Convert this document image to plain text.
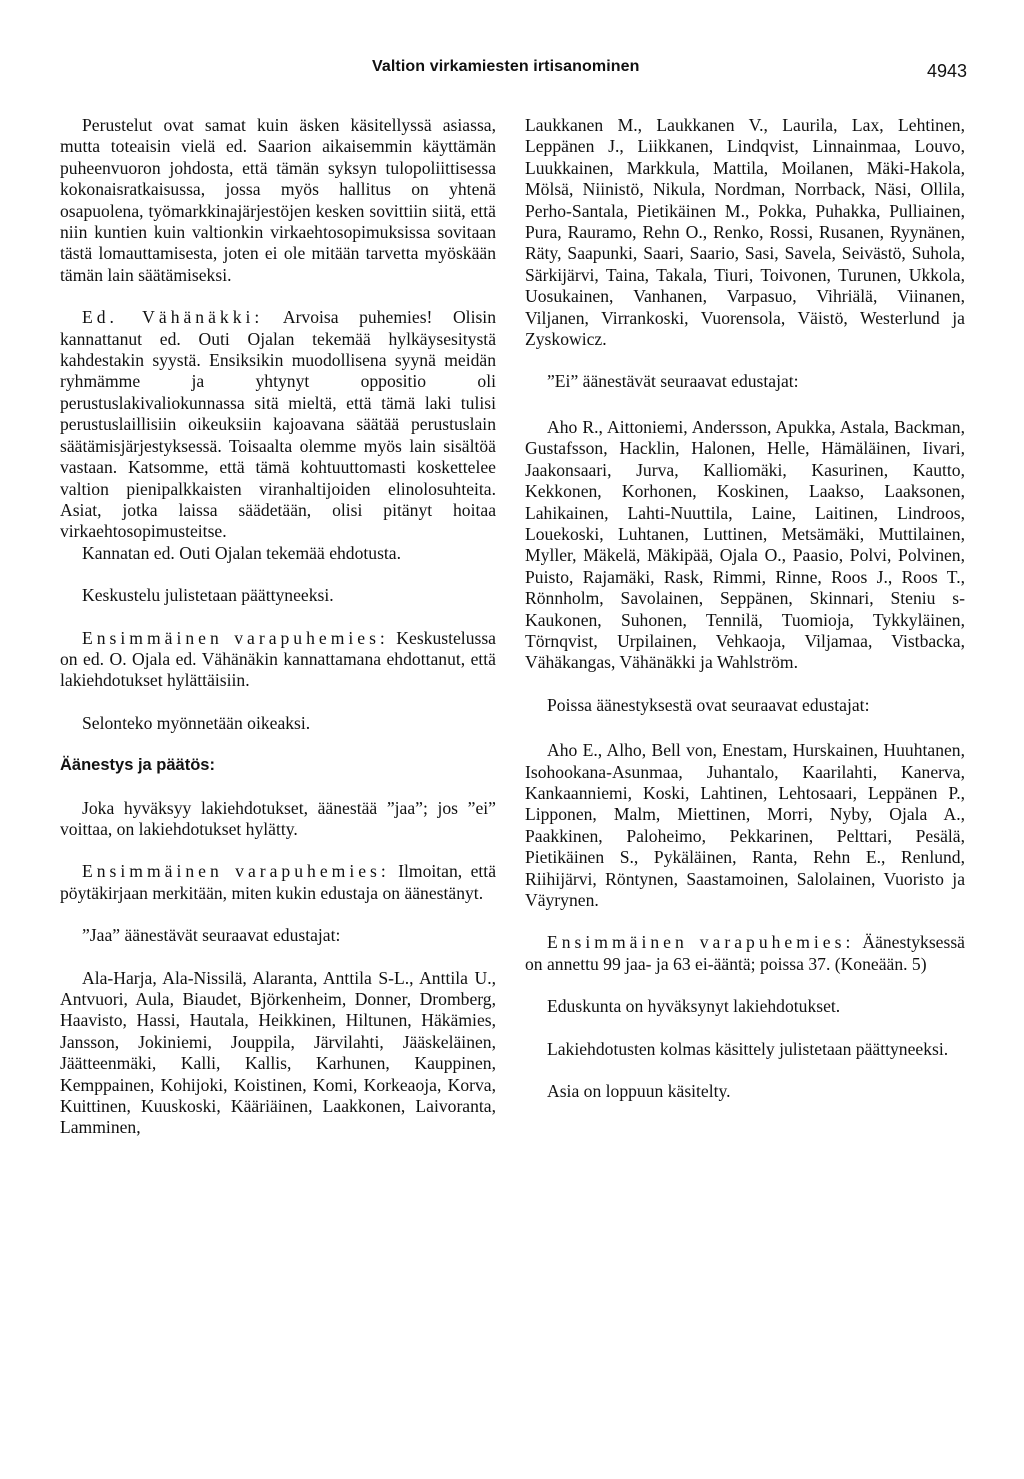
Valtion virkamiesten irtisanominen	4943

Perustelut ovat samat kuin äsken käsitellyssä asiassa, mutta toteaisin vielä ed. Saarion aikaisemmin käyttämän puheenvuoron johdosta, että tämän syksyn tulopoliittisessa kokonaisratkaisussa, jossa myös hallitus on yhtenä osapuolena, työmarkkinajärjestöjen kesken sovittiin siitä, että niin kuntien kuin valtionkin virkaehtosopimuksissa sovitaan tästä lomauttamisesta, joten ei ole mitään tarvetta myöskään tämän lain säätämiseksi.

Ed. Vähänäkki: Arvoisa puhemies! Olisin kannattanut ed. Outi Ojalan tekemää hylkäysesitystä kahdestakin syystä. Ensiksikin muodollisena syynä meidän ryhmämme ja yhtynyt oppositio oli perustuslakivaliokunnassa sitä mieltä, että tämä laki tulisi perustuslaillisiin oikeuksiin kajoavana säätää perustuslain säätämisjärjestyksessä. Toisaalta olemme myös lain sisältöä vastaan. Katsomme, että tämä kohtuuttomasti koskettelee valtion pienipalkkaisten viranhaltijoiden elinolosuhteita. Asiat, jotka laissa säädetään, olisi pitänyt hoitaa virkaehtosopimusteitse.

Kannatan ed. Outi Ojalan tekemää ehdotusta.

Keskustelu julistetaan päättyneeksi.

Ensimmäinen varapuhemies: Keskustelussa on ed. O. Ojala ed. Vähänäkin kannattamana ehdottanut, että lakiehdotukset hylättäisiin.

Selonteko myönnetään oikeaksi.

Äänestys ja päätös:

Joka hyväksyy lakiehdotukset, äänestää ”jaa”; jos ”ei” voittaa, on lakiehdotukset hylätty.

Ensimmäinen varapuhemies: Ilmoitan, että pöytäkirjaan merkitään, miten kukin edustaja on äänestänyt.

”Jaa” äänestävät seuraavat edustajat:

Ala-Harja, Ala-Nissilä, Alaranta, Anttila S-L., Anttila U., Antvuori, Aula, Biaudet, Björkenheim, Donner, Dromberg, Haavisto, Hassi, Hautala, Heikkinen, Hiltunen, Häkämies, Jansson, Jokiniemi, Jouppila, Järvilahti, Jääskeläinen, Jäätteenmäki, Kalli, Kallis, Karhunen, Kauppinen, Kemppainen, Kohijoki, Koistinen, Komi, Korkeaoja, Korva, Kuittinen, Kuuskoski, Kääriäinen, Laakkonen, Laivoranta, Lamminen,

Laukkanen M., Laukkanen V., Laurila, Lax, Lehtinen, Leppänen J., Liikkanen, Lindqvist, Linnainmaa, Louvo, Luukkainen, Markkula, Mattila, Moilanen, Mäki-Hakola, Mölsä, Niinistö, Nikula, Nordman, Norrback, Näsi, Ollila, Perho-Santala, Pietikäinen M., Pokka, Puhakka, Pulliainen, Pura, Rauramo, Rehn O., Renko, Rossi, Rusanen, Ryynänen, Räty, Saapunki, Saari, Saario, Sasi, Savela, Seivästö, Suhola, Särkijärvi, Taina, Takala, Tiuri, Toivonen, Turunen, Ukkola, Uosukainen, Vanhanen, Varpasuo, Vihriälä, Viinanen, Viljanen, Virrankoski, Vuorensola, Väistö, Westerlund ja Zyskowicz.

”Ei” äänestävät seuraavat edustajat:

Aho R., Aittoniemi, Andersson, Apukka, Astala, Backman, Gustafsson, Hacklin, Halonen, Helle, Hämäläinen, Iivari, Jaakonsaari, Jurva, Kalliomäki, Kasurinen, Kautto, Kekkonen, Korhonen, Koskinen, Laakso, Laaksonen, Lahikainen, Lahti-Nuuttila, Laine, Laitinen, Lindroos, Louekoski, Luhtanen, Luttinen, Metsämäki, Muttilainen, Myller, Mäkelä, Mäkipää, Ojala O., Paasio, Polvi, Polvinen, Puisto, Rajamäki, Rask, Rimmi, Rinne, Roos J., Roos T., Rönnholm, Savolainen, Seppänen, Skinnari, Steniu s-Kaukonen, Suhonen, Tennilä, Tuomioja, Tykkyläinen, Törnqvist, Urpilainen, Vehkaoja, Viljamaa, Vistbacka, Vähäkangas, Vähänäkki ja Wahlström.

Poissa äänestyksestä ovat seuraavat edustajat:

Aho E., Alho, Bell von, Enestam, Hurskainen, Huuhtanen, Isohookana-Asunmaa, Juhantalo, Kaarilahti, Kanerva, Kankaanniemi, Koski, Lahtinen, Lehtosaari, Leppänen P., Lipponen, Malm, Miettinen, Morri, Nyby, Ojala A., Paakkinen, Paloheimo, Pekkarinen, Pelttari, Pesälä, Pietikäinen S., Pykäläinen, Ranta, Rehn E., Renlund, Riihijärvi, Röntynen, Saastamoinen, Salolainen, Vuoristo ja Väyrynen.

Ensimmäinen varapuhemies: Äänestyksessä on annettu 99 jaa- ja 63 ei-ääntä; poissa 37. (Koneään. 5)

Eduskunta on hyväksynyt lakiehdotukset.

Lakiehdotusten kolmas käsittely julistetaan päättyneeksi.

Asia on loppuun käsitelty.
